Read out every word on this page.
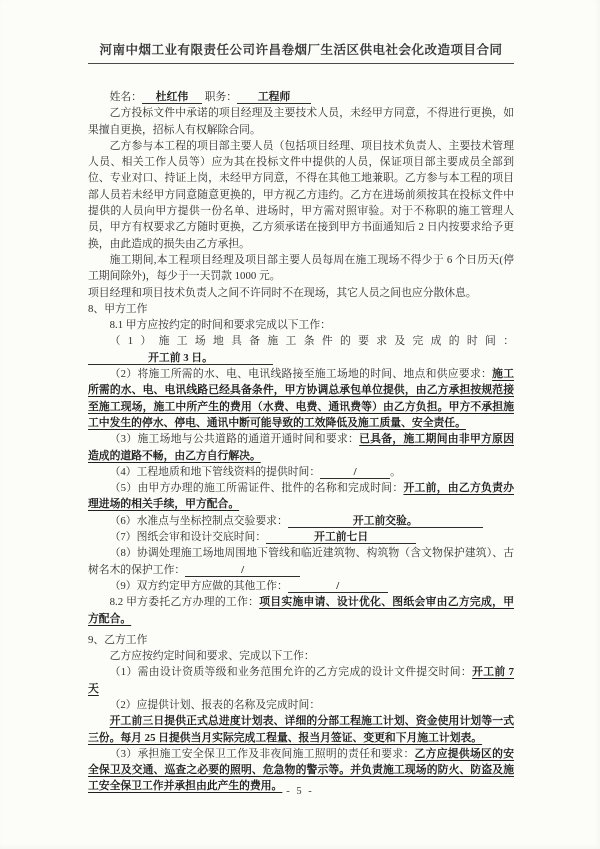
河南中烟工业有限责任公司许昌卷烟厂生活区供电社会化改造项目合同

姓名： 杜红伟 职务： 工程师

乙方投标文件中承诺的项目经理及主要技术人员，未经甲方同意，不得进行更换，如果擅自更换，招标人有权解除合同。

乙方参与本工程的项目部主要人员（包括项目经理、项目技术负责人、主要技术管理人员、相关工作人员等）应为其在投标文件中提供的人员，保证项目部主要成员全部到位、专业对口、持证上岗，未经甲方同意，不得在其他工地兼职。乙方参与本工程的项目部人员若未经甲方同意随意更换的，甲方视乙方违约。乙方在进场前须按其在投标文件中提供的人员向甲方提供一份名单、进场时，甲方需对照审验。对于不称职的施工管理人员，甲方有权要求乙方随时更换，乙方须承诺在接到甲方书面通知后 2 日内按要求给予更换，由此造成的损失由乙方承担。

施工期间,本工程项目经理及项目部主要人员每周在施工现场不得少于 6 个日历天(停工期间除外)，每少于一天罚款 1000 元。

项目经理和项目技术负责人之间不许同时不在现场，其它人员之间也应分散休息。

8、甲方工作

8.1 甲方应按约定的时间和要求完成以下工作：

（1）施工场地具备施工条件的要求及完成的时间：开工前 3 日。

（2）将施工所需的水、电、电讯线路接至施工场地的时间、地点和供应要求：施工所需的水、电、电讯线路已经具备条件，甲方协调总承包单位提供，由乙方承担按规范接至施工现场，施工中所产生的费用（水费、电费、通讯费等）由乙方负担。甲方不承担施工中发生的停水、停电、通讯中断可能导致的工效降低及施工质量、安全责任。

（3）施工场地与公共道路的通道开通时间和要求：已具备，施工期间由非甲方原因造成的道路不畅，由乙方自行解决。

（4）工程地质和地下管线资料的提供时间：	/	。

（5）由甲方办理的施工所需证件、批件的名称和完成时间：开工前，由乙方负责办理进场的相关手续，甲方配合。

（6）水准点与坐标控制点交验要求：	开工前交验。

（7）图纸会审和设计交底时间：	开工前七日

（8）协调处理施工场地周围地下管线和临近建筑物、构筑物（含文物保护建筑）、古树名木的保护工作：	/

（9）双方约定甲方应做的其他工作：	/

8.2 甲方委托乙方办理的工作：项目实施申请、设计优化、图纸会审由乙方完成，甲方配合。

9、乙方工作

乙方应按约定时间和要求、完成以下工作：

（1）需由设计资质等级和业务范围允许的乙方完成的设计文件提交时间：开工前 7 天

（2）应提供计划、报表的名称及完成时间：

开工前三日提供正式总进度计划表、详细的分部工程施工计划、资金使用计划等一式三份。每月 25 日提供当月实际完成工程量、报当月签证、变更和下月施工计划表。

（3）承担施工安全保卫工作及非夜间施工照明的责任和要求：乙方应提供场区的安全保卫及交通、巡查之必要的照明、危急物的警示等。并负责施工现场的防火、防盗及施工安全保卫工作并承担由此产生的费用。 - 5 -
